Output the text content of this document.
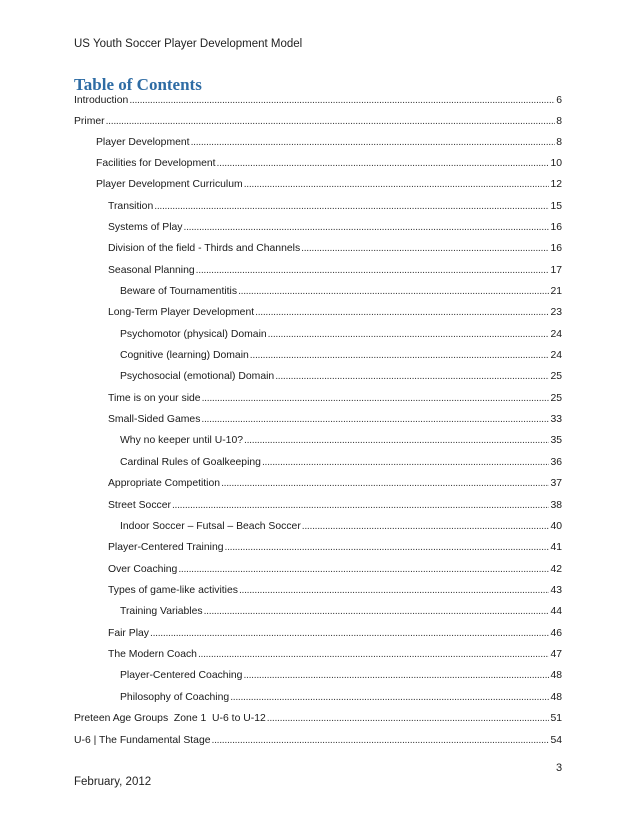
US Youth Soccer Player Development Model
Table of Contents
Introduction . . .	6
Primer . . .	8
Player Development . . .	8
Facilities for Development . . .	10
Player Development Curriculum . . .	12
Transition . . .	15
Systems of Play . . .	16
Division of the field - Thirds and Channels . . .	16
Seasonal Planning . . .	17
Beware of Tournamentitis . . .	21
Long-Term Player Development . . .	23
Psychomotor (physical) Domain . . .	24
Cognitive (learning) Domain . . .	24
Psychosocial (emotional) Domain . . .	25
Time is on your side . . .	25
Small-Sided Games . . .	33
Why no keeper until U-10? . . .	35
Cardinal Rules of Goalkeeping . . .	36
Appropriate Competition . . .	37
Street Soccer . . .	38
Indoor Soccer – Futsal – Beach Soccer . . .	40
Player-Centered Training . . .	41
Over Coaching . . .	42
Types of game-like activities . . .	43
Training Variables . . .	44
Fair Play . . .	46
The Modern Coach . . .	47
Player-Centered Coaching . . .	48
Philosophy of Coaching . . .	48
Preteen Age Groups  Zone 1  U-6 to U-12 . . .	51
U-6 | The Fundamental Stage . . .	54
3
February, 2012
